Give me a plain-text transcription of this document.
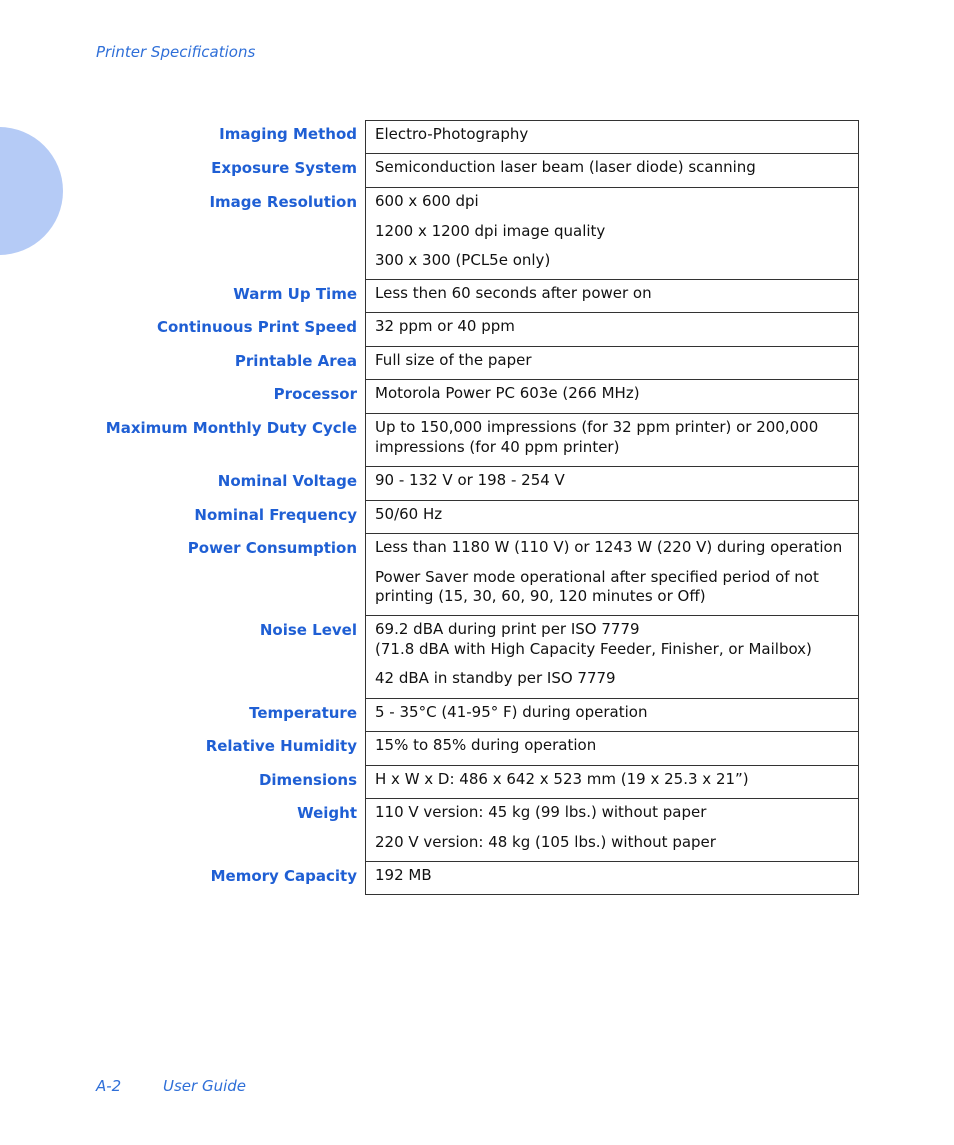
Printer Specifications
Imaging Method Electro-Photography

Exposure System Semiconduction laser beam (laser diode) scanning

Image Resolution 600 x 600 dpi

1200 x 1200 dpi image quality

300 x 300 (PCL5e only)

Warm Up Time Less then 60 seconds after power on

Continuous Print Speed 32 ppm or 40 ppm

Printable Area Full size of the paper

Processor Motorola Power PC 603e (266 MHz)

Maximum Monthly Duty Cycle Up to 150,000 impressions (for 32 ppm printer) or 200,000 impressions (for 40 ppm printer)

Nominal Voltage 90 - 132 V or 198 - 254 V

Nominal Frequency 50/60 Hz

Power Consumption Less than 1180 W (110 V) or 1243 W (220 V) during operation

Power Saver mode operational after specified period of not printing (15, 30, 60, 90, 120 minutes or Off)

Noise Level 69.2 dBA during print per ISO 7779
(71.8 dBA with High Capacity Feeder, Finisher, or Mailbox)

42 dBA in standby per ISO 7779

Temperature 5 - 35°C (41-95° F) during operation

Relative Humidity 15% to 85% during operation

Dimensions H x W x D: 486 x 642 x 523 mm (19 x 25.3 x 21”)

Weight 110 V version: 45 kg (99 lbs.) without paper

220 V version: 48 kg (105 lbs.) without paper

Memory Capacity 192 MB

A-2	User Guide
